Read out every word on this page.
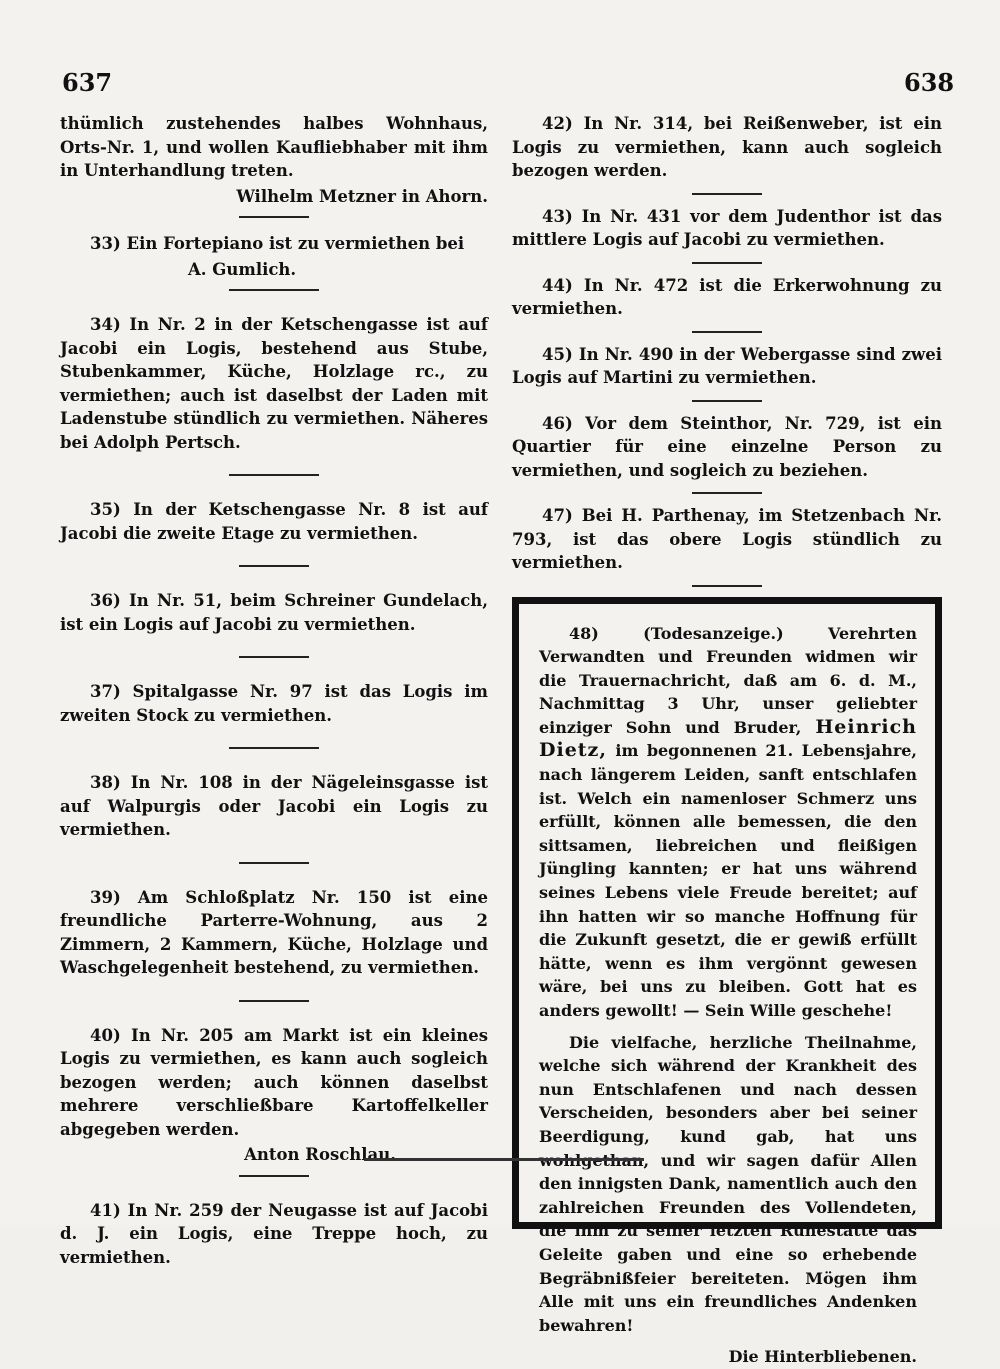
637	638

thümlich zustehendes halbes Wohnhaus, Orts-Nr. 1, und wollen Kaufliebhaber mit ihm in Unterhandlung treten.

Wilhelm Metzner in Ahorn.

33) Ein Fortepiano ist zu vermiethen bei

A. Gumlich.

34) In Nr. 2 in der Ketschengasse ist auf Jacobi ein Logis, bestehend aus Stube, Stubenkammer, Küche, Holzlage rc., zu vermiethen; auch ist daselbst der Laden mit Ladenstube stündlich zu vermiethen. Näheres bei Adolph Pertsch.

35) In der Ketschengasse Nr. 8 ist auf Jacobi die zweite Etage zu vermiethen.

36) In Nr. 51, beim Schreiner Gundelach, ist ein Logis auf Jacobi zu vermiethen.

37) Spitalgasse Nr. 97 ist das Logis im zweiten Stock zu vermiethen.

38) In Nr. 108 in der Nägeleinsgasse ist auf Walpurgis oder Jacobi ein Logis zu vermiethen.

39) Am Schloßplatz Nr. 150 ist eine freundliche Parterre-Wohnung, aus 2 Zimmern, 2 Kammern, Küche, Holzlage und Waschgelegenheit bestehend, zu vermiethen.

40) In Nr. 205 am Markt ist ein kleines Logis zu vermiethen, es kann auch sogleich bezogen werden; auch können daselbst mehrere verschließbare Kartoffelkeller abgegeben werden.

Anton Roschlau.

41) In Nr. 259 der Neugasse ist auf Jacobi d. J. ein Logis, eine Treppe hoch, zu vermiethen.

42) In Nr. 314, bei Reißenweber, ist ein Logis zu vermiethen, kann auch sogleich bezogen werden.

43) In Nr. 431 vor dem Judenthor ist das mittlere Logis auf Jacobi zu vermiethen.

44) In Nr. 472 ist die Erkerwohnung zu vermiethen.

45) In Nr. 490 in der Webergasse sind zwei Logis auf Martini zu vermiethen.

46) Vor dem Steinthor, Nr. 729, ist ein Quartier für eine einzelne Person zu vermiethen, und sogleich zu beziehen.

47) Bei H. Parthenay, im Stetzenbach Nr. 793, ist das obere Logis stündlich zu vermiethen.

48) (Todesanzeige.) Verehrten Verwandten und Freunden widmen wir die Trauernachricht, daß am 6. d. M., Nachmittag 3 Uhr, unser geliebter einziger Sohn und Bruder, Heinrich Dietz, im begonnenen 21. Lebensjahre, nach längerem Leiden, sanft entschlafen ist. Welch ein namenloser Schmerz uns erfüllt, können alle bemessen, die den sittsamen, liebreichen und fleißigen Jüngling kannten; er hat uns während seines Lebens viele Freude bereitet; auf ihn hatten wir so manche Hoffnung für die Zukunft gesetzt, die er gewiß erfüllt hätte, wenn es ihm vergönnt gewesen wäre, bei uns zu bleiben. Gott hat es anders gewollt! — Sein Wille geschehe!

Die vielfache, herzliche Theilnahme, welche sich während der Krankheit des nun Entschlafenen und nach dessen Verscheiden, besonders aber bei seiner Beerdigung, kund gab, hat uns wohlgethan, und wir sagen dafür Allen den innigsten Dank, namentlich auch den zahlreichen Freunden des Vollendeten, die ihm zu seiner letzten Ruhestätte das Geleite gaben und eine so erhebende Begräbnißfeier bereiteten. Mögen ihm Alle mit uns ein freundliches Andenken bewahren!

Die Hinterbliebenen.
